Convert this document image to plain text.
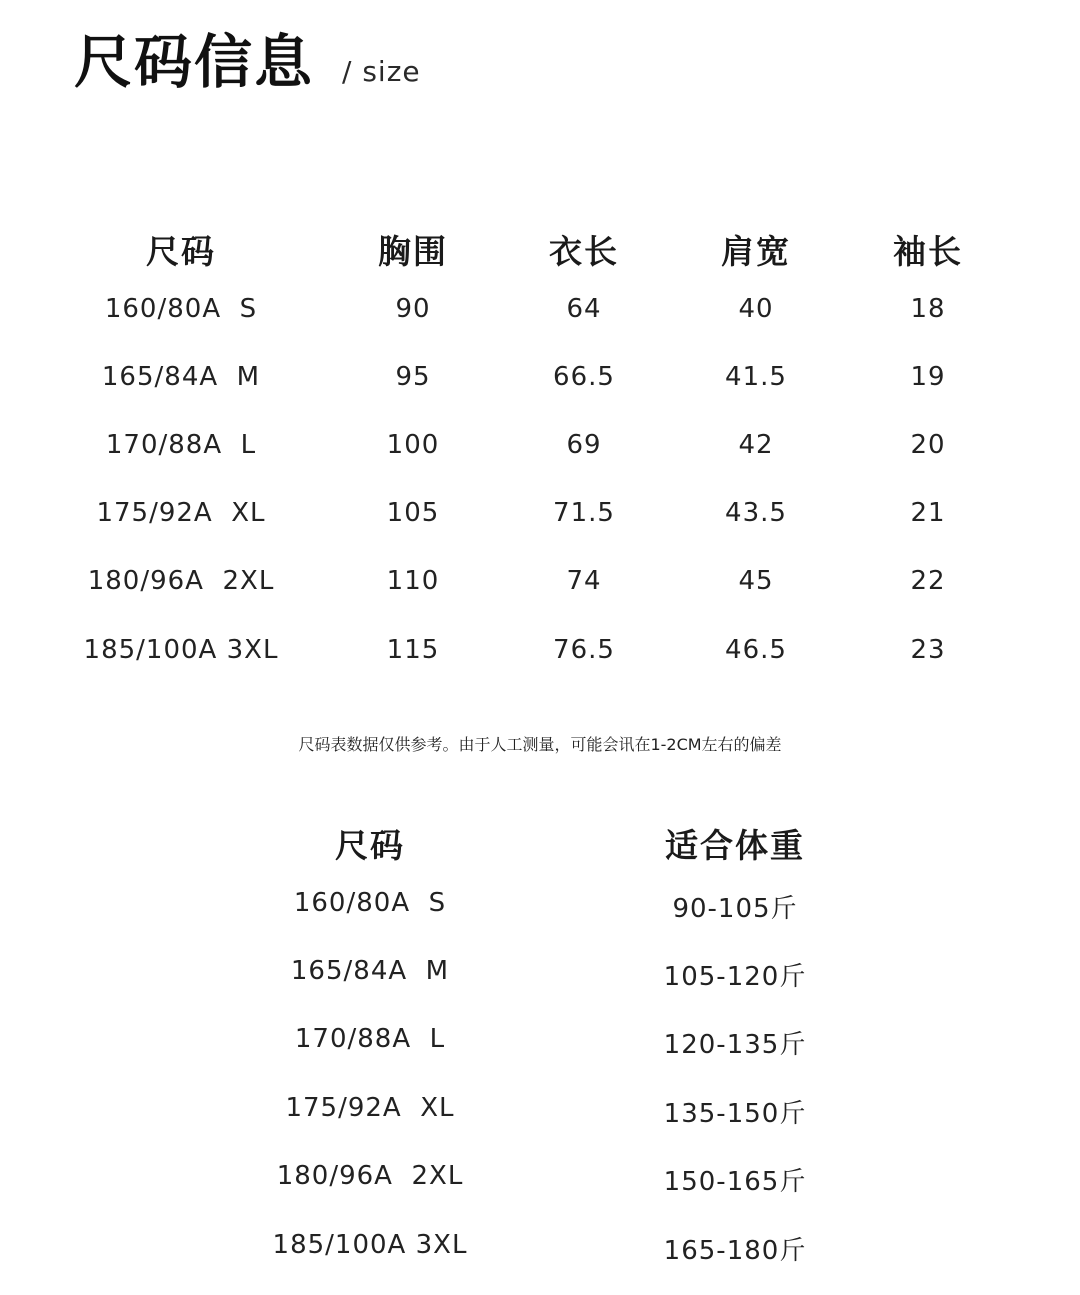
尺码信息 / size
尺码	胸围	衣长	肩宽	袖长
160/80A  S	90	64	40	18
165/84A  M	95	66.5	41.5	19
170/88A  L	100	69	42	20
175/92A  XL	105	71.5	43.5	21
180/96A  2XL	110	74	45	22
185/100A 3XL	115	76.5	46.5	23
尺码表数据仅供参考。由于人工测量，可能会讯在1-2CM左右的偏差
尺码	适合体重
160/80A  S	90-105斤
165/84A  M	105-120斤
170/88A  L	120-135斤
175/92A  XL	135-150斤
180/96A  2XL	150-165斤
185/100A 3XL	165-180斤
